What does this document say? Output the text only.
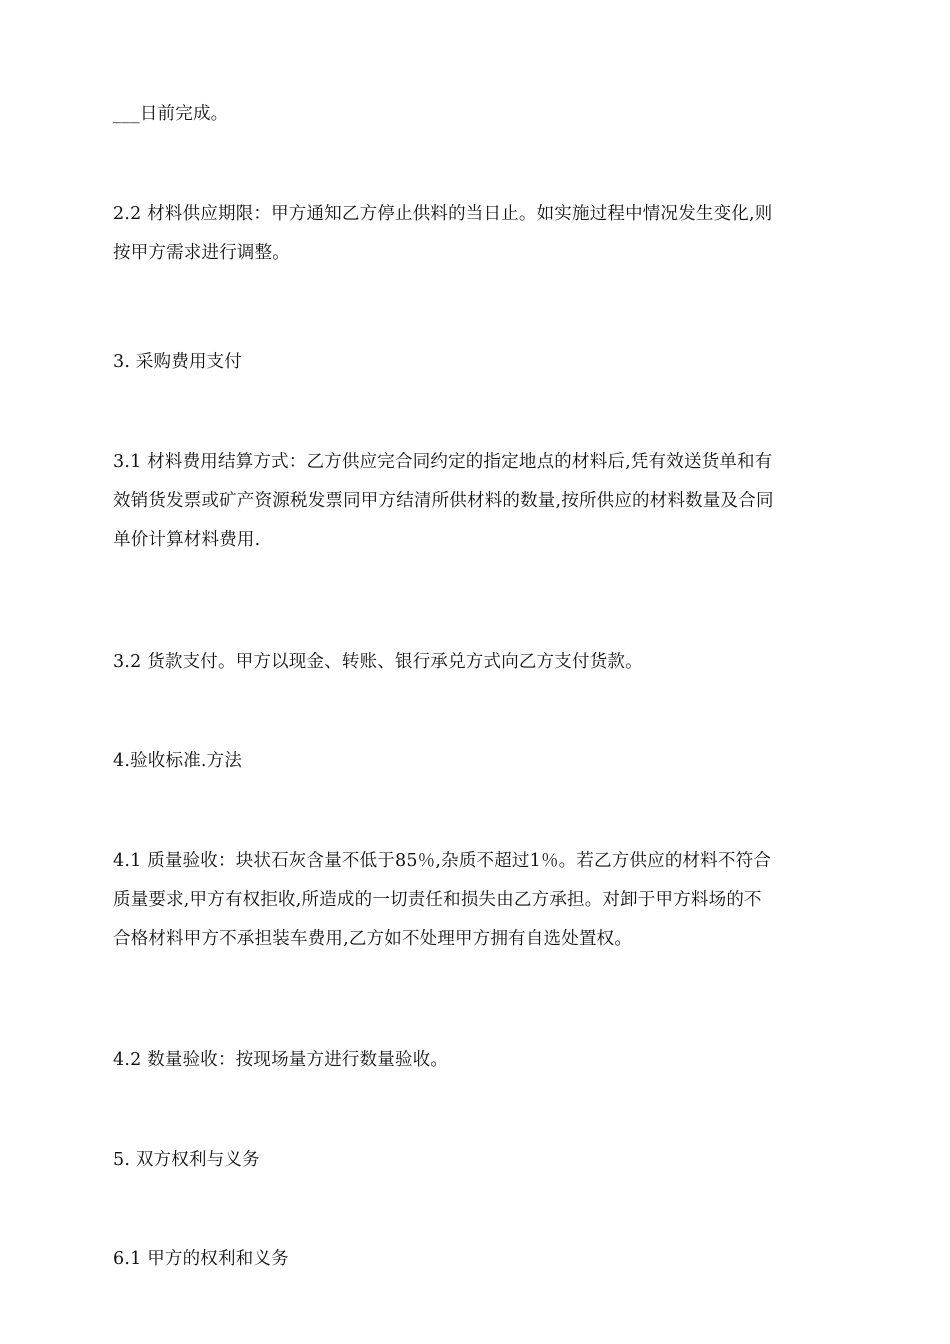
___日前完成。

2.2 材料供应期限：甲方通知乙方停止供料的当日止。如实施过程中情况发生变化,则
按甲方需求进行调整。

3. 采购费用支付

3.1 材料费用结算方式：乙方供应完合同约定的指定地点的材料后,凭有效送货单和有
效销货发票或矿产资源税发票同甲方结清所供材料的数量,按所供应的材料数量及合同
单价计算材料费用.

3.2 货款支付。甲方以现金、转账、银行承兑方式向乙方支付货款。

4.验收标准.方法

4.1 质量验收：块状石灰含量不低于85％,杂质不超过1％。若乙方供应的材料不符合
质量要求,甲方有权拒收,所造成的一切责任和损失由乙方承担。对卸于甲方料场的不
合格材料甲方不承担装车费用,乙方如不处理甲方拥有自选处置权。

4.2 数量验收：按现场量方进行数量验收。

5. 双方权利与义务

6.1 甲方的权利和义务
